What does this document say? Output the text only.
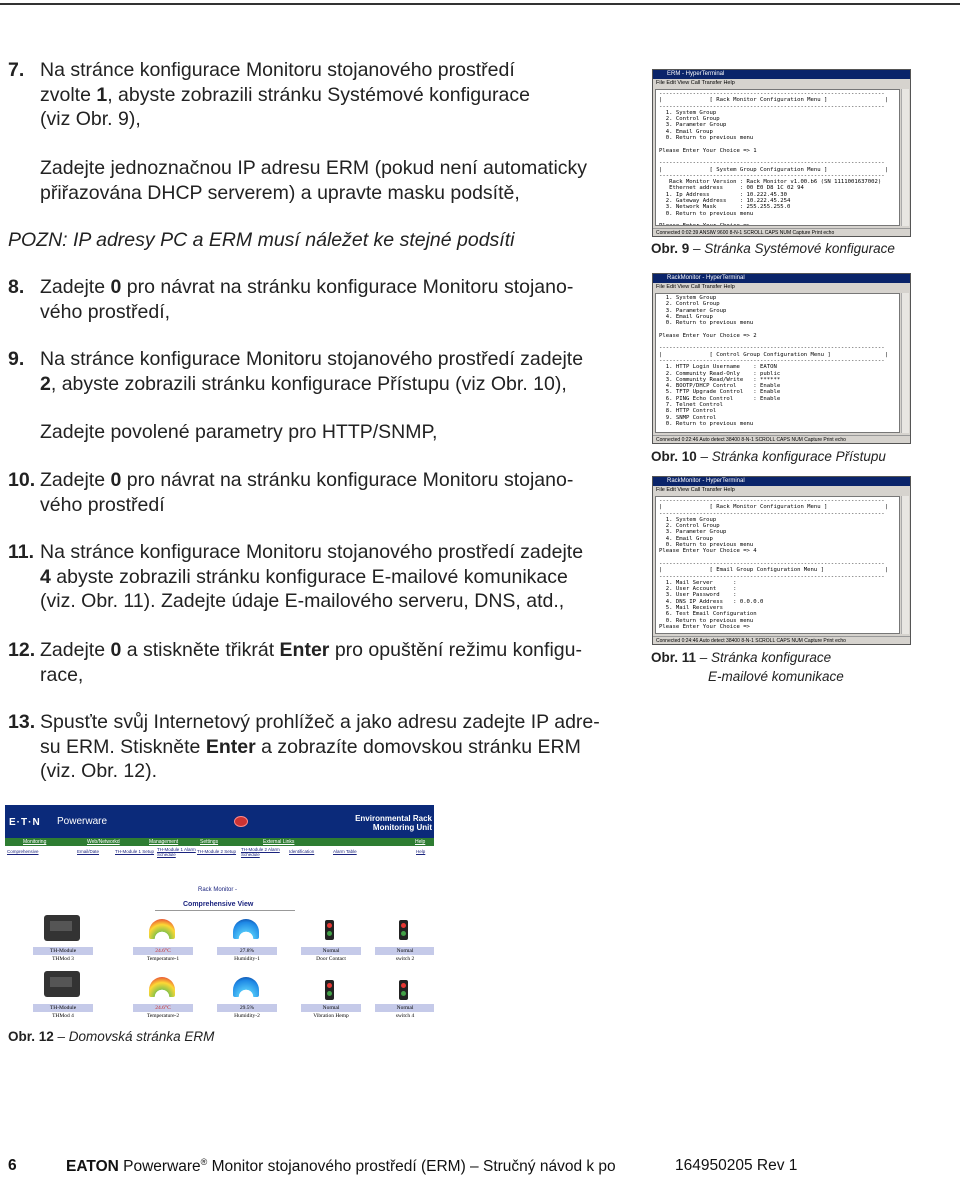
7. Na stránce konfigurace Monitoru stojanového prostředí
zvolte 1, abyste zobrazili stránku Systémové konfigurace
(viz Obr. 9),
Zadejte jednoznačnou IP adresu ERM (pokud není automaticky
přiřazována DHCP serverem) a upravte masku podsítě,
POZN: IP adresy PC a ERM musí náležet ke stejné podsíti
8. Zadejte 0 pro návrat na stránku konfigurace Monitoru stojano-
vého prostředí,
9. Na stránce konfigurace Monitoru stojanového prostředí zadejte
2, abyste zobrazili stránku konfigurace Přístupu (viz Obr. 10),
Zadejte povolené parametry pro HTTP/SNMP,
10. Zadejte 0 pro návrat na stránku konfigurace Monitoru stojano-
vého prostředí
11. Na stránce konfigurace Monitoru stojanového prostředí zadejte
4 abyste zobrazili stránku konfigurace E-mailové komunikace
(viz. Obr. 11). Zadejte údaje E-mailového serveru, DNS, atd.,
12. Zadejte 0 a stiskněte třikrát Enter pro opuštění režimu konfigu-
race,
13. Spusťte svůj Internetový prohlížeč a jako adresu zadejte IP adre-
su ERM. Stiskněte Enter a zobrazíte domovskou stránku ERM
(viz. Obr. 12).
ERM - HyperTerminal
File Edit View Call Transfer Help
-------------------------------------------------------------------
|              [ Rack Monitor Configuration Menu ]                 |
-------------------------------------------------------------------
1. System Group
2. Control Group
3. Parameter Group
4. Email Group
0. Return to previous menu

Please Enter Your Choice => 1

-------------------------------------------------------------------
|              [ System Group Configuration Menu ]                 |
-------------------------------------------------------------------
Rack Monitor Version : Rack Monitor v1.00.b6 (SN 1111001637002)
Ethernet address     : 00 E0 D8 1C 02 94
1. Ip Address         : 10.222.45.30
2. Gateway Address    : 10.222.45.254
3. Network Mask       : 255.255.255.0
0. Return to previous menu

Connected 0:02:39 ANSIW 9600 8-N-1 SCROLL CAPS NUM Capture Print echo
Obr. 9 – Stránka Systémové konfigurace
RackMonitor - HyperTerminal
File Edit View Call Transfer Help
1. System Group
2. Control Group
3. Parameter Group
4. Email Group
0. Return to previous menu

Please Enter Your Choice => 2

-------------------------------------------------------------------
|              [ Control Group Configuration Menu ]                |
-------------------------------------------------------------------
1. HTTP Login Username    : EATON
2. Community Read-Only    : public
3. Community Read/Write   : ******
4. BOOTP/DHCP Control     : Enable
5. TFTP Upgrade Control   : Enable
6. PING Echo Control      : Enable
7. Telnet Control
8. HTTP Control
9. SNMP Control
0. Return to previous menu

Connected 0:22:46 Auto detect 38400 8-N-1 SCROLL CAPS NUM Capture Print echo
Obr. 10 – Stránka konfigurace Přístupu
RackMonitor - HyperTerminal
File Edit View Call Transfer Help
-------------------------------------------------------------------
|              [ Rack Monitor Configuration Menu ]                 |
-------------------------------------------------------------------
1. System Group
2. Control Group
3. Parameter Group
4. Email Group
0. Return to previous menu
Please Enter Your Choice => 4

-------------------------------------------------------------------
|              [ Email Group Configuration Menu ]                  |
-------------------------------------------------------------------
1. Mail Server      :
2. User Account     :
3. User Password    :
4. DNS IP Address   : 0.0.0.0
5. Mail Receivers
6. Test Email Configuration
0. Return to previous menu
Please Enter Your Choice =>
Connected 0:24:46 Auto detect 38400 8-N-1 SCROLL CAPS NUM Capture Print echo
Obr. 11 – Stránka konfigurace
E-mailové komunikace
E·T·N Powerware	Environmental Rack
Monitoring Unit
Monitoring	Web/Networkd	Management	Settings	External Links	Help
Comprehensive	Email/Date	TH-Module 1 Setup TH-Module 1 Alarm Schedule
TH-Module 2 Setup TH-Module 2 Alarm Schedule
Identification	Alarm Table	Help
Rack Monitor -
Comprehensive View
TH-Module	24.6°C	27.8%	Normal	Normal
THMod 3	Temperature-1	Humidity-1	Door Contact	switch 2
TH-Module	24.6°C	29.5%	Normal	Normal
THMod 4	Temperature-2	Humidity-2	Vibration Hemp	switch 4
Obr. 12 – Domovská stránka ERM
6	EATON Powerware® Monitor stojanového prostředí (ERM) – Stručný návod k po	164950205 Rev 1
